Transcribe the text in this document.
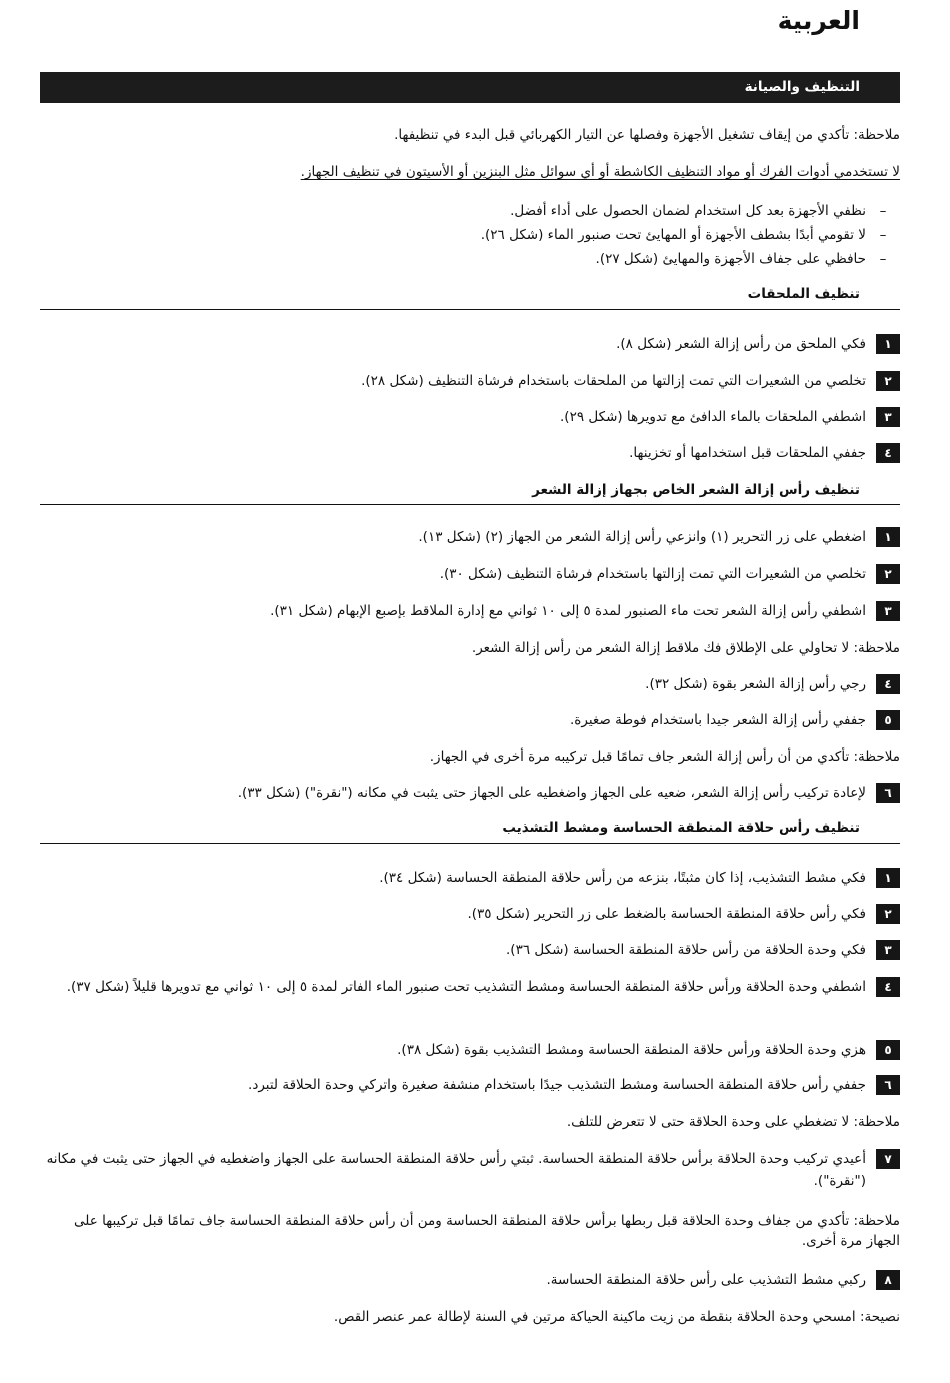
العربية
التنظيف والصيانة
ملاحظة: تأكدي من إيقاف تشغيل الأجهزة وفصلها عن التيار الكهربائي قبل البدء في تنظيفها.
لا تستخدمي أدوات الفرك أو مواد التنظيف الكاشطة أو أي سوائل مثل البنزين أو الأسيتون في تنظيف الجهاز.
–نظفي الأجهزة بعد كل استخدام لضمان الحصول على أداء أفضل.
–لا تقومي أبدًا بشطف الأجهزة أو المهايئ تحت صنبور الماء (شكل ٢٦).
–حافظي على جفاف الأجهزة والمهايئ (شكل ٢٧).
تنظيف الملحقات
١
فكي الملحق من رأس إزالة الشعر (شكل ٨).
٢
تخلصي من الشعيرات التي تمت إزالتها من الملحقات باستخدام فرشاة التنظيف (شكل ٢٨).
٣
اشطفي الملحقات بالماء الدافئ مع تدويرها (شكل ٢٩).
٤
جففي الملحقات قبل استخدامها أو تخزينها.
تنظيف رأس إزالة الشعر الخاص بجهاز إزالة الشعر
١
اضغطي على زر التحرير (١) وانزعي رأس إزالة الشعر من الجهاز (٢) (شكل ١٣).
٢
تخلصي من الشعيرات التي تمت إزالتها باستخدام فرشاة التنظيف (شكل ٣٠).
٣
اشطفي رأس إزالة الشعر تحت ماء الصنبور لمدة ٥ إلى ١٠ ثواني مع إدارة الملاقط بإصبع الإبهام (شكل ٣١).
ملاحظة: لا تحاولي على الإطلاق فك ملاقط إزالة الشعر من رأس إزالة الشعر.
٤
رجي رأس إزالة الشعر بقوة (شكل ٣٢).
٥
جففي رأس إزالة الشعر جيدا باستخدام فوطة صغيرة.
ملاحظة: تأكدي من أن رأس إزالة الشعر جاف تمامًا قبل تركيبه مرة أخرى في الجهاز.
٦
لإعادة تركيب رأس إزالة الشعر، ضعيه على الجهاز واضغطيه على الجهاز حتى يثبت في مكانه ("نقرة") (شكل ٣٣).
تنظيف رأس حلاقة المنطقة الحساسة ومشط التشذيب
١
فكي مشط التشذيب، إذا كان مثبتًا، بنزعه من رأس حلاقة المنطقة الحساسة (شكل ٣٤).
٢
فكي رأس حلاقة المنطقة الحساسة بالضغط على زر التحرير (شكل ٣٥).
٣
فكي وحدة الحلاقة من رأس حلاقة المنطقة الحساسة (شكل ٣٦).
٤
اشطفي وحدة الحلاقة ورأس حلاقة المنطقة الحساسة ومشط التشذيب تحت صنبور الماء الفاتر لمدة ٥ إلى ١٠ ثواني مع تدويرها قليلاً (شكل ٣٧).
٥
هزي وحدة الحلاقة ورأس حلاقة المنطقة الحساسة ومشط التشذيب بقوة (شكل ٣٨).
٦
جففي رأس حلاقة المنطقة الحساسة ومشط التشذيب جيدًا باستخدام منشفة صغيرة واتركي وحدة الحلاقة لتبرد.
ملاحظة: لا تضغطي على وحدة الحلاقة حتى لا تتعرض للتلف.
٧
أعيدي تركيب وحدة الحلاقة برأس حلاقة المنطقة الحساسة. ثبتي رأس حلاقة المنطقة الحساسة على الجهاز واضغطيه في الجهاز حتى يثبت في مكانه ("نقرة").
ملاحظة: تأكدي من جفاف وحدة الحلاقة قبل ربطها برأس حلاقة المنطقة الحساسة ومن أن رأس حلاقة المنطقة الحساسة جاف تمامًا قبل تركيبها على الجهاز مرة أخرى.
٨
ركبي مشط التشذيب على رأس حلاقة المنطقة الحساسة.
نصيحة: امسحي وحدة الحلاقة بنقطة من زيت ماكينة الحياكة مرتين في السنة لإطالة عمر عنصر القص.
